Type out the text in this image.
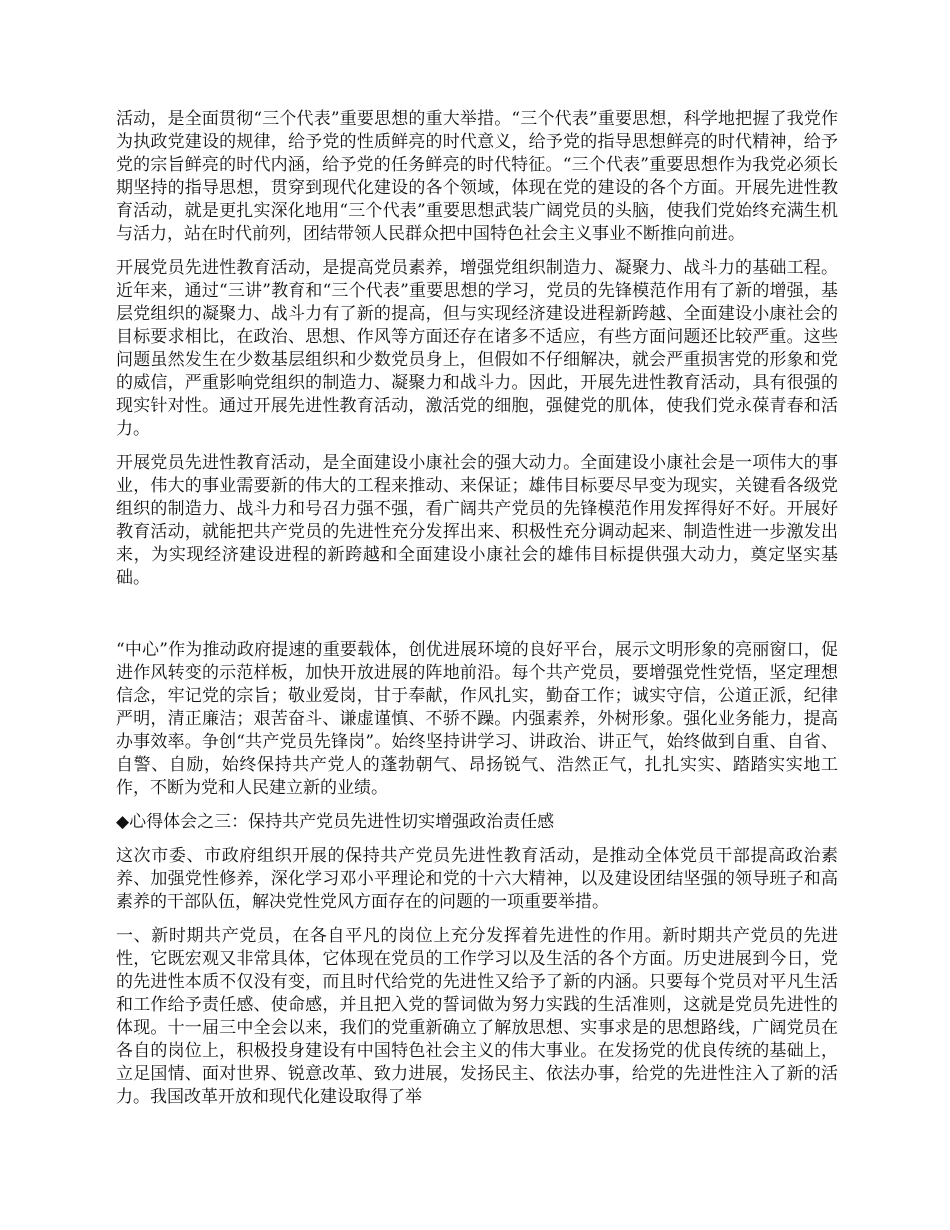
活动，是全面贯彻“三个代表”重要思想的重大举措。“三个代表”重要思想，科学地把握了我党作为执政党建设的规律，给予党的性质鲜亮的时代意义，给予党的指导思想鲜亮的时代精神，给予党的宗旨鲜亮的时代内涵，给予党的任务鲜亮的时代特征。“三个代表”重要思想作为我党必须长期坚持的指导思想，贯穿到现代化建设的各个领域，体现在党的建设的各个方面。开展先进性教育活动，就是更扎实深化地用“三个代表”重要思想武装广阔党员的头脑，使我们党始终充满生机与活力，站在时代前列，团结带领人民群众把中国特色社会主义事业不断推向前进。

开展党员先进性教育活动，是提高党员素养，增强党组织制造力、凝聚力、战斗力的基础工程。近年来，通过“三讲”教育和“三个代表”重要思想的学习，党员的先锋模范作用有了新的增强，基层党组织的凝聚力、战斗力有了新的提高，但与实现经济建设进程新跨越、全面建设小康社会的目标要求相比，在政治、思想、作风等方面还存在诸多不适应，有些方面问题还比较严重。这些问题虽然发生在少数基层组织和少数党员身上，但假如不仔细解决，就会严重损害党的形象和党的威信，严重影响党组织的制造力、凝聚力和战斗力。因此，开展先进性教育活动，具有很强的现实针对性。通过开展先进性教育活动，激活党的细胞，强健党的肌体，使我们党永葆青春和活力。

开展党员先进性教育活动，是全面建设小康社会的强大动力。全面建设小康社会是一项伟大的事业，伟大的事业需要新的伟大的工程来推动、来保证；雄伟目标要尽早变为现实，关键看各级党组织的制造力、战斗力和号召力强不强，看广阔共产党员的先锋模范作用发挥得好不好。开展好教育活动，就能把共产党员的先进性充分发挥出来、积极性充分调动起来、制造性进一步激发出来，为实现经济建设进程的新跨越和全面建设小康社会的雄伟目标提供强大动力，奠定坚实基础。

“中心”作为推动政府提速的重要载体，创优进展环境的良好平台，展示文明形象的亮丽窗口，促进作风转变的示范样板，加快开放进展的阵地前沿。每个共产党员，要增强党性党悟，坚定理想信念，牢记党的宗旨；敬业爱岗，甘于奉献，作风扎实，勤奋工作；诚实守信，公道正派，纪律严明，清正廉洁；艰苦奋斗、谦虚谨慎、不骄不躁。内强素养，外树形象。强化业务能力，提高办事效率。争创“共产党员先锋岗”。始终坚持讲学习、讲政治、讲正气，始终做到自重、自省、自警、自励，始终保持共产党人的蓬勃朝气、昂扬锐气、浩然正气，扎扎实实、踏踏实实地工作，不断为党和人民建立新的业绩。

◆心得体会之三：保持共产党员先进性切实增强政治责任感

这次市委、市政府组织开展的保持共产党员先进性教育活动，是推动全体党员干部提高政治素养、加强党性修养，深化学习邓小平理论和党的十六大精神，以及建设团结坚强的领导班子和高素养的干部队伍，解决党性党风方面存在的问题的一项重要举措。

一、新时期共产党员，在各自平凡的岗位上充分发挥着先进性的作用。新时期共产党员的先进性，它既宏观又非常具体，它体现在党员的工作学习以及生活的各个方面。历史进展到今日，党的先进性本质不仅没有变，而且时代给党的先进性又给予了新的内涵。只要每个党员对平凡生活和工作给予责任感、使命感，并且把入党的誓词做为努力实践的生活准则，这就是党员先进性的体现。十一届三中全会以来，我们的党重新确立了解放思想、实事求是的思想路线，广阔党员在各自的岗位上，积极投身建设有中国特色社会主义的伟大事业。在发扬党的优良传统的基础上，立足国情、面对世界、锐意改革、致力进展，发扬民主、依法办事，给党的先进性注入了新的活力。我国改革开放和现代化建设取得了举
